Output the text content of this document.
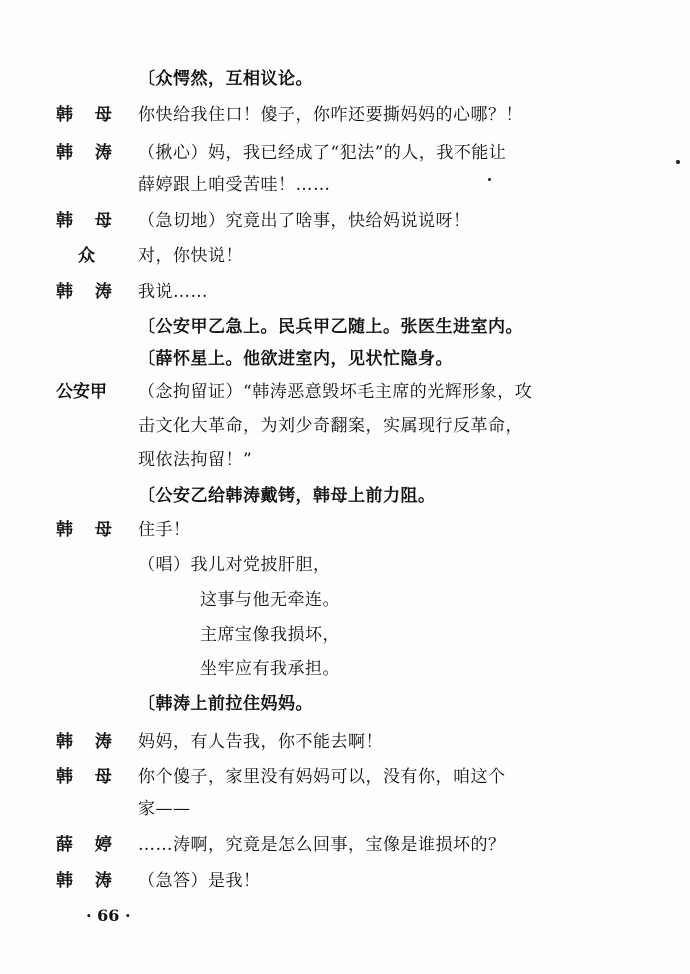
〔众愕然，互相议论。
韩 母 你快给我住口！傻子，你咋还要撕妈妈的心哪？！
韩 涛 （揪心）妈，我已经成了“犯法”的人，我不能让
薛婷跟上咱受苦哇！……
韩 母 （急切地）究竟出了啥事，快给妈说说呀！
众 对，你快说！
韩 涛 我说……
〔公安甲乙急上。民兵甲乙随上。张医生进室内。
〔薛怀星上。他欲进室内，见状忙隐身。
公安甲 （念拘留证）“韩涛恶意毁坏毛主席的光辉形象，攻
击文化大革命，为刘少奇翻案，实属现行反革命，
现依法拘留！”
〔公安乙给韩涛戴铐，韩母上前力阻。
韩 母 住手！
（唱）我儿对党披肝胆，
这事与他无牵连。
主席宝像我损坏，
坐牢应有我承担。
〔韩涛上前拉住妈妈。
韩 涛 妈妈，有人告我，你不能去啊！
韩 母 你个傻子，家里没有妈妈可以，没有你，咱这个
家——
薛 婷 ……涛啊，究竟是怎么回事，宝像是谁损坏的？
韩 涛 （急答）是我！
· 66 ·
